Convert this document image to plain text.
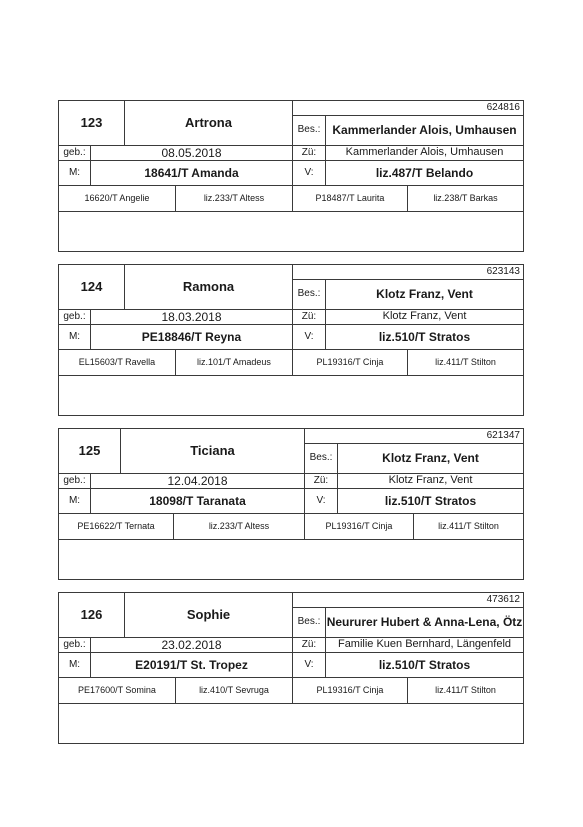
123	Artrona
624816
Bes.: Kammerlander Alois, Umhausen
geb.:	08.05.2018	Zü:	Kammerlander Alois, Umhausen
M:	18641/T Amanda	V:	liz.487/T Belando
16620/T Angelie	liz.233/T Altess	P18487/T Laurita	liz.238/T Barkas
124	Ramona
623143
Bes.:	Klotz Franz, Vent
geb.:	18.03.2018	Zü:	Klotz Franz, Vent
M:	PE18846/T Reyna	V:	liz.510/T Stratos
EL15603/T Ravella	liz.101/T Amadeus	PL19316/T Cinja	liz.411/T Stilton
125	Ticiana
621347
Bes.:	Klotz Franz, Vent
geb.:	12.04.2018	Zü:	Klotz Franz, Vent
M:	18098/T Taranata	V:	liz.510/T Stratos
PE16622/T Ternata	liz.233/T Altess	PL19316/T Cinja	liz.411/T Stilton
126	Sophie
473612
Bes.: Neururer Hubert & Anna-Lena, Ötz
geb.:	23.02.2018	Zü:	Familie Kuen Bernhard, Längenfeld
M:	E20191/T St. Tropez	V:	liz.510/T Stratos
PE17600/T Somina	liz.410/T Sevruga	PL19316/T Cinja	liz.411/T Stilton
